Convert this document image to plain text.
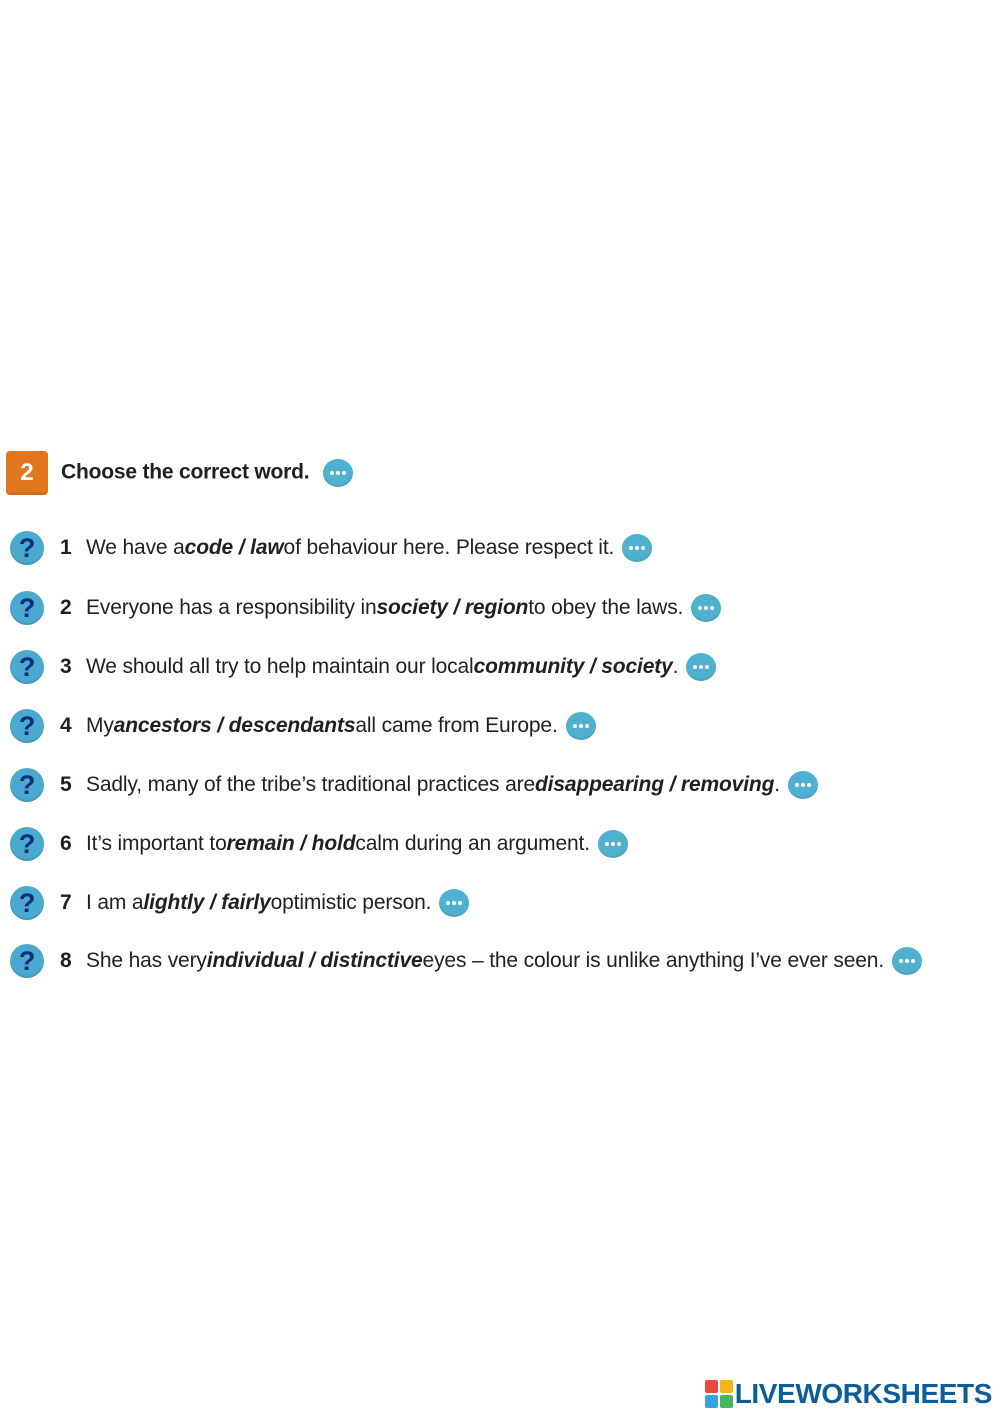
2	Choose the correct word.
?	1 We have a code / law of behaviour here. Please respect it.
?	2 Everyone has a responsibility in society / region to obey the laws.
?	3 We should all try to help maintain our local community / society .
?	4 My ancestors / descendants all came from Europe.
?	5 Sadly, many of the tribe’s traditional practices are disappearing / removing .
?	6 It’s important to remain / hold calm during an argument.
?	7 I am a lightly / fairly optimistic person.
?	8 She has very individual / distinctive eyes – the colour is unlike anything I’ve ever seen.
LIVEWORKSHEETS
